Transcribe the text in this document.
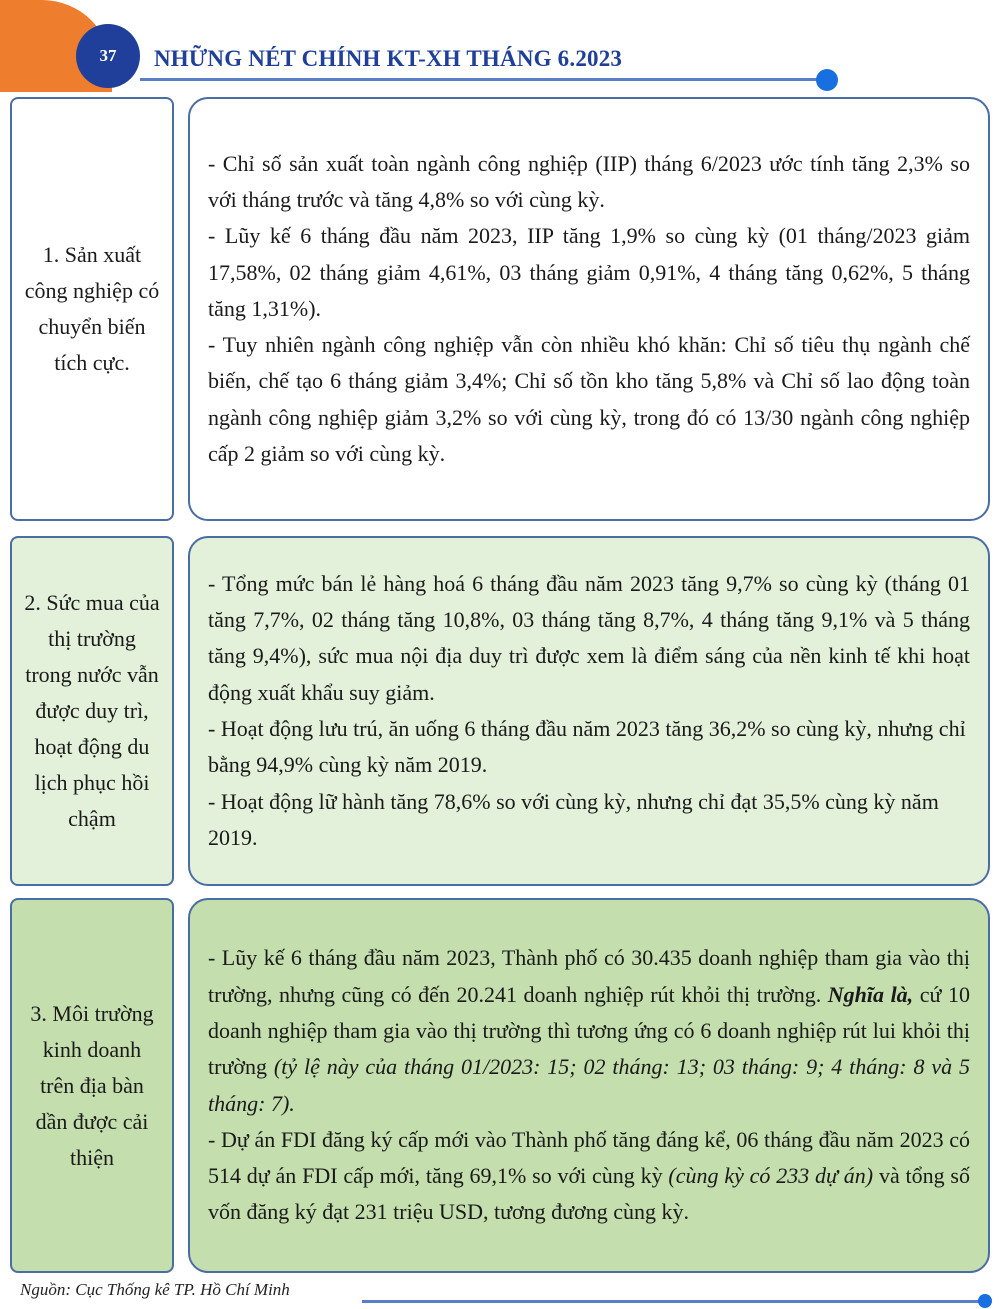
37 NHỮNG NÉT CHÍNH KT-XH THÁNG 6.2023
1. Sản xuất công nghiệp có chuyển biến tích cực.

- Chỉ số sản xuất toàn ngành công nghiệp (IIP) tháng 6/2023 ước tính tăng 2,3% so với tháng trước và tăng 4,8% so với cùng kỳ.

- Lũy kế 6 tháng đầu năm 2023, IIP tăng 1,9% so cùng kỳ (01 tháng/2023 giảm 17,58%, 02 tháng giảm 4,61%, 03 tháng giảm 0,91%, 4 tháng tăng 0,62%, 5 tháng tăng 1,31%).

- Tuy nhiên ngành công nghiệp vẫn còn nhiều khó khăn: Chỉ số tiêu thụ ngành chế biến, chế tạo 6 tháng giảm 3,4%; Chỉ số tồn kho tăng 5,8% và Chỉ số lao động toàn ngành công nghiệp giảm 3,2% so với cùng kỳ, trong đó có 13/30 ngành công nghiệp cấp 2 giảm so với cùng kỳ.

2. Sức mua của thị trường trong nước vẫn được duy trì, hoạt động du lịch phục hồi chậm

- Tổng mức bán lẻ hàng hoá 6 tháng đầu năm 2023 tăng 9,7% so cùng kỳ (tháng 01 tăng 7,7%, 02 tháng tăng 10,8%, 03 tháng tăng 8,7%, 4 tháng tăng 9,1% và 5 tháng tăng 9,4%), sức mua nội địa duy trì được xem là điểm sáng của nền kinh tế khi hoạt động xuất khẩu suy giảm.

- Hoạt động lưu trú, ăn uống 6 tháng đầu năm 2023 tăng 36,2% so cùng kỳ, nhưng chỉ bằng 94,9% cùng kỳ năm 2019.

- Hoạt động lữ hành tăng 78,6% so với cùng kỳ, nhưng chỉ đạt 35,5% cùng kỳ năm 2019.

3. Môi trường kinh doanh trên địa bàn dần được cải thiện

- Lũy kế 6 tháng đầu năm 2023, Thành phố có 30.435 doanh nghiệp tham gia vào thị trường, nhưng cũng có đến 20.241 doanh nghiệp rút khỏi thị trường. Nghĩa là, cứ 10 doanh nghiệp tham gia vào thị trường thì tương ứng có 6 doanh nghiệp rút lui khỏi thị trường (tỷ lệ này của tháng 01/2023: 15; 02 tháng: 13; 03 tháng: 9; 4 tháng: 8 và 5 tháng: 7).

- Dự án FDI đăng ký cấp mới vào Thành phố tăng đáng kể, 06 tháng đầu năm 2023 có 514 dự án FDI cấp mới, tăng 69,1% so với cùng kỳ (cùng kỳ có 233 dự án) và tổng số vốn đăng ký đạt 231 triệu USD, tương đương cùng kỳ.

Nguồn: Cục Thống kê TP. Hồ Chí Minh
